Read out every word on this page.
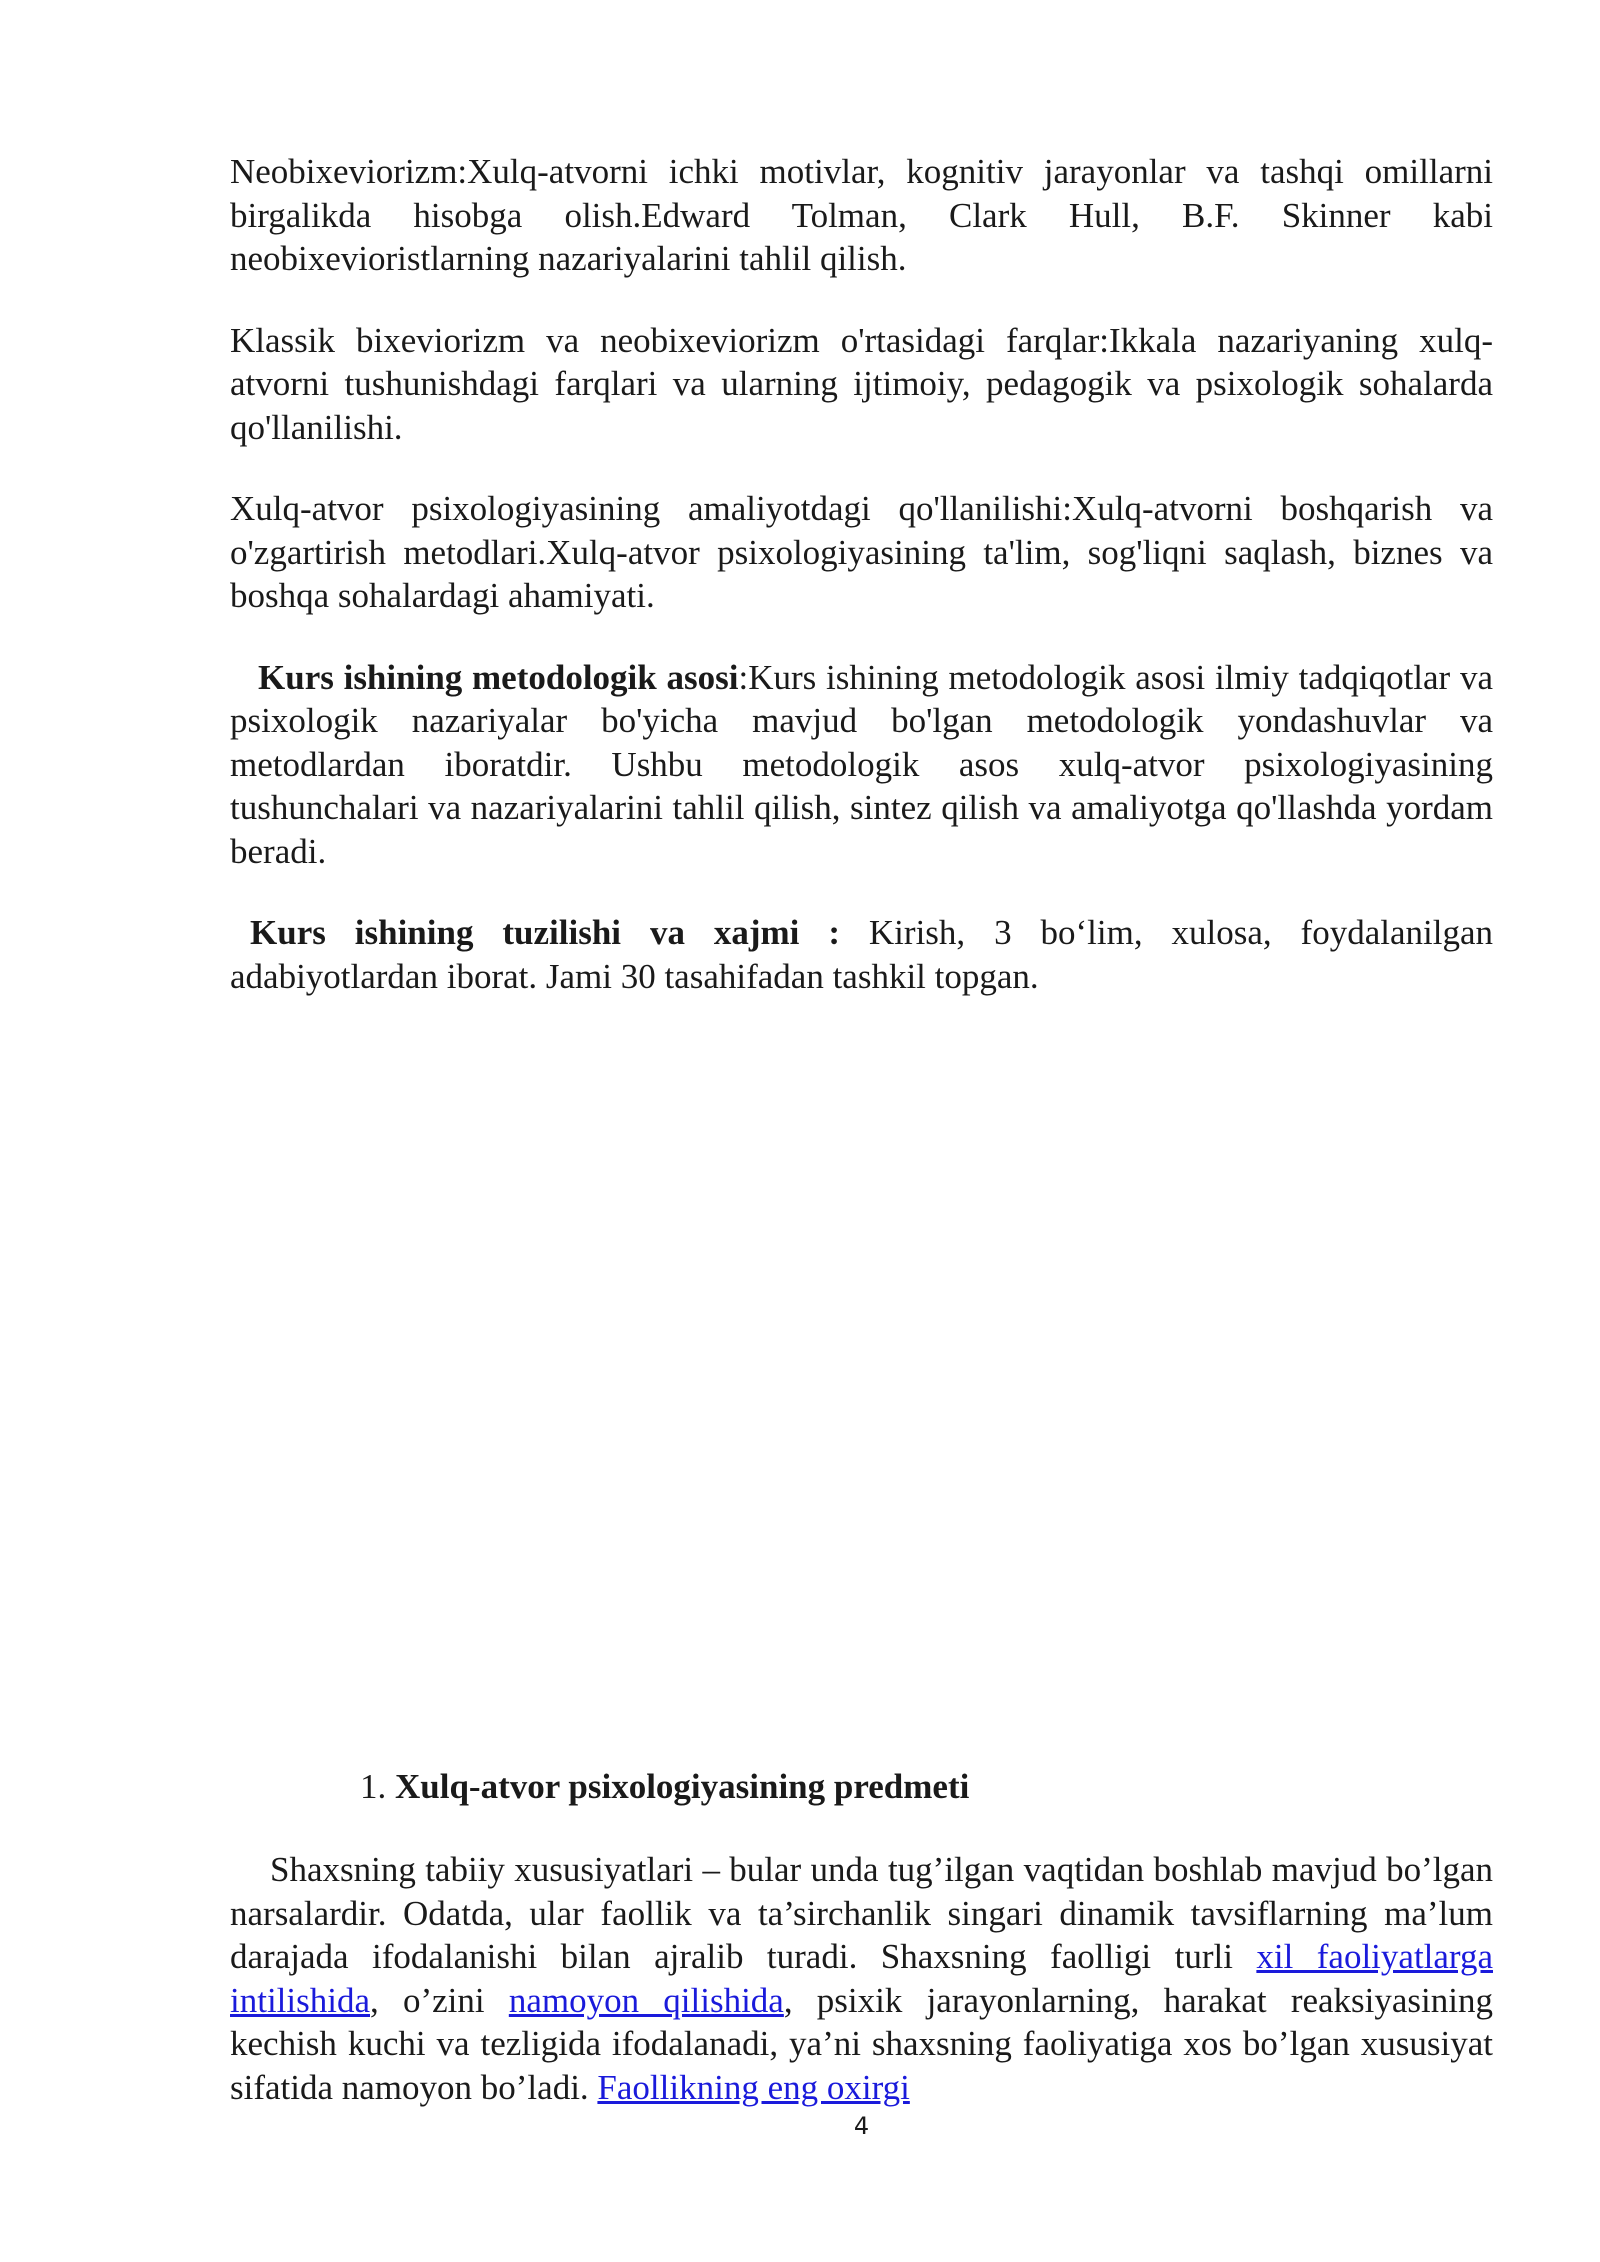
Neobixeviorizm:Xulq-atvorni ichki motivlar, kognitiv jarayonlar va tashqi omillarni birgalikda hisobga olish.Edward Tolman, Clark Hull, B.F. Skinner kabi neobixevioristlarning nazariyalarini tahlil qilish.

Klassik bixeviorizm va neobixeviorizm o'rtasidagi farqlar:Ikkala nazariyaning xulq-atvorni tushunishdagi farqlari va ularning ijtimoiy, pedagogik va psixologik sohalarda qo'llanilishi.

Xulq-atvor psixologiyasining amaliyotdagi qo'llanilishi:Xulq-atvorni boshqarish va o'zgartirish metodlari.Xulq-atvor psixologiyasining ta'lim, sog'liqni saqlash, biznes va boshqa sohalardagi ahamiyati.

Kurs ishining metodologik asosi:Kurs ishining metodologik asosi ilmiy tadqiqotlar va psixologik nazariyalar bo'yicha mavjud bo'lgan metodologik yondashuvlar va metodlardan iboratdir. Ushbu metodologik asos xulq-atvor psixologiyasining tushunchalari va nazariyalarini tahlil qilish, sintez qilish va amaliyotga qo'llashda yordam beradi.

Kurs ishining tuzilishi va xajmi : Kirish, 3 bo‘lim, xulosa, foydalanilgan adabiyotlardan iborat. Jami 30 tasahifadan tashkil topgan.

1. Xulq-atvor psixologiyasining predmeti

Shaxsning tabiiy xususiyatlari – bular unda tug’ilgan vaqtidan boshlab mavjud bo’lgan narsalardir. Odatda, ular faollik va ta’sirchanlik singari dinamik tavsiflarning ma’lum darajada ifodalanishi bilan ajralib turadi. Shaxsning faolligi turli xil faoliyatlarga intilishida, o’zini namoyon qilishida, psixik jarayonlarning, harakat reaksiyasining kechish kuchi va tezligida ifodalanadi, ya’ni shaxsning faoliyatiga xos bo’lgan xususiyat sifatida namoyon bo’ladi. Faollikning eng oxirgi

4
